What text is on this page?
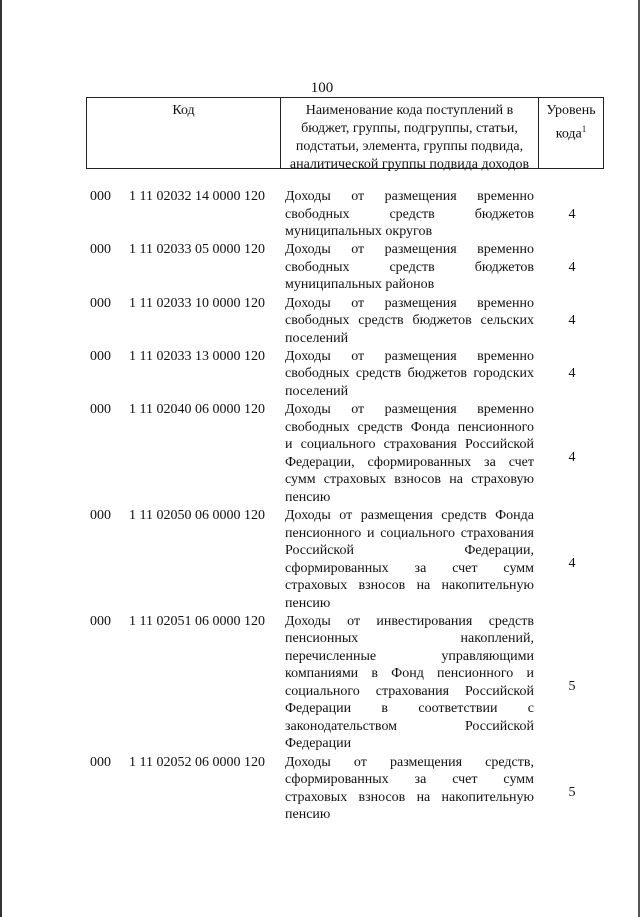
100
Код	Наименование кода поступлений в
бюджет, группы, подгруппы, статьи,
подстатьи, элемента, группы подвида,
аналитической группы подвида доходов
Уровень
кода$^1$
000 1 11 02032 14 0000 120 Доходы от размещения временно
свободных средств бюджетов
муниципальных округов
4
000 1 11 02033 05 0000 120 Доходы от размещения временно
свободных средств бюджетов
муниципальных районов
4
000 1 11 02033 10 0000 120 Доходы от размещения временно
свободных средств бюджетов сельских
поселений
4
000 1 11 02033 13 0000 120 Доходы от размещения временно
свободных средств бюджетов городских
поселений
4
000 1 11 02040 06 0000 120 Доходы от размещения временно
свободных средств Фонда пенсионного
и социального страхования Российской
Федерации, сформированных за счет
сумм страховых взносов на страховую
пенсию
4
000 1 11 02050 06 0000 120 Доходы от размещения средств Фонда
пенсионного и социального страхования
Российской Федерации,
сформированных за счет сумм
страховых взносов на накопительную
пенсию
4
000 1 11 02051 06 0000 120 Доходы от инвестирования средств
пенсионных накоплений,
перечисленные управляющими
компаниями в Фонд пенсионного и
социального страхования Российской
Федерации в соответствии с
законодательством Российской
Федерации
5
000 1 11 02052 06 0000 120 Доходы от размещения средств,
сформированных за счет сумм
страховых взносов на накопительную
пенсию
5
